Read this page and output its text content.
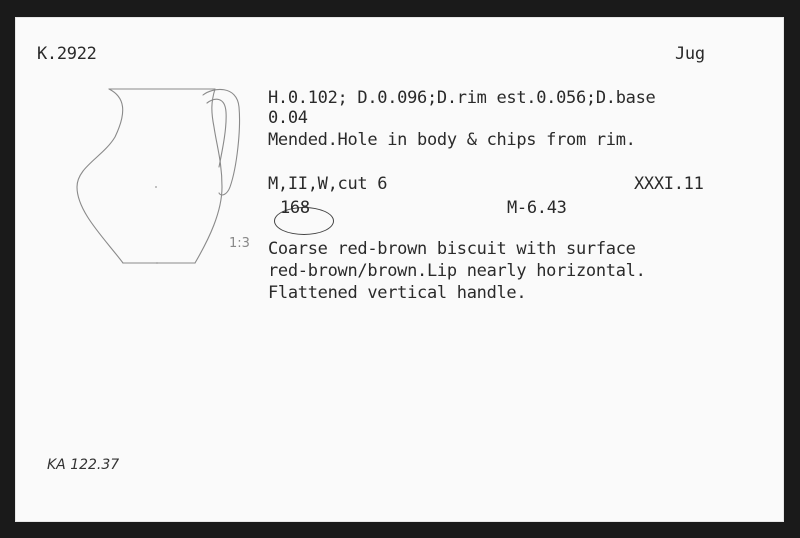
K.2922	Jug
H.0.102; D.0.096;D.rim est.0.056;D.base
0.04
Mended.Hole in body & chips from rim.
M,II,W,cut 6	XXXI.11
168	M-6.43
1:3 Coarse red-brown biscuit with surface
red-brown/brown.Lip nearly horizontal.
Flattened vertical handle.
KA 122.37
